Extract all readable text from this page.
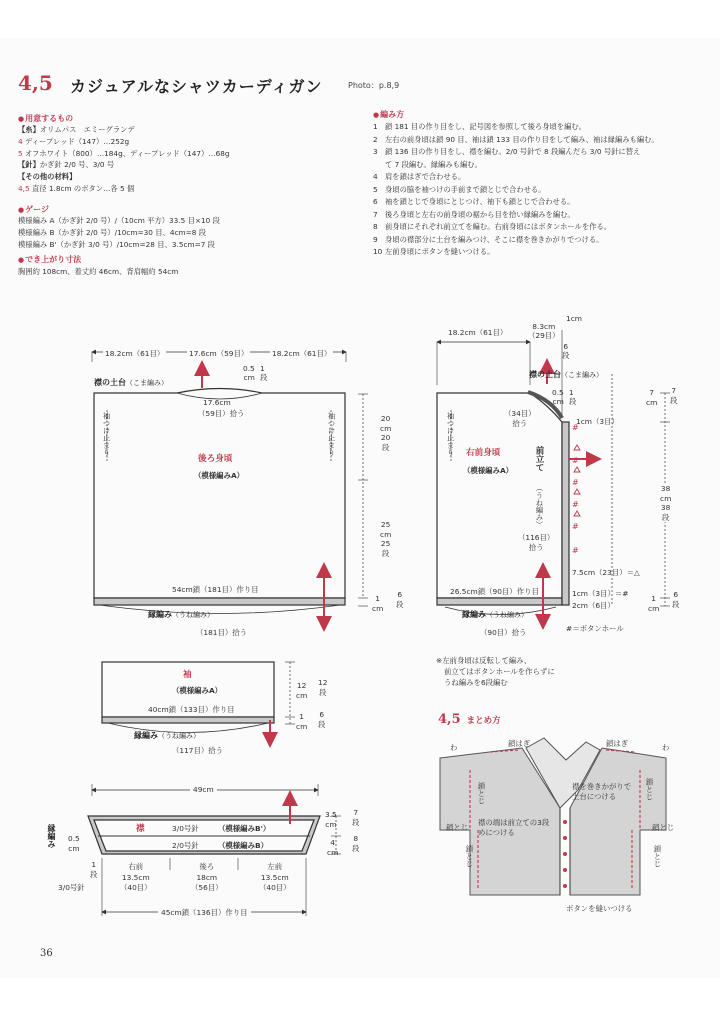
#
#
#
#
#
#
4,5 カジュアルなシャツカーディガン	Photo：p.8,9
● 用意するもの
【糸】オリムパス　エミーグランデ
4 ディープレッド（147）…252g
5 オフホワイト（800）…184g、ディープレッド（147）…68g
【針】かぎ針 2/0 号、3/0 号
【その他の材料】
4,5 直径 1.8cm のボタン…各 5 個
● ゲージ
模様編み A（かぎ針 2/0 号）/（10cm 平方）33.5 目×10 段
模様編み B（かぎ針 2/0 号）/10cm=30 目、4cm=8 段
模様編み B'（かぎ針 3/0 号）/10cm=28 目、3.5cm=7 段
● でき上がり寸法
胸囲約 108cm、着丈約 46cm、背肩幅約 54cm
● 編み方
1 鎖 181 目の作り目をし、記号図を参照して後ろ身頃を編む。
2 左右の前身頃は鎖 90 目、袖は鎖 133 目の作り目をして編み、袖は縁編みも編む。
3 鎖 136 目の作り目をし、襟を編む。2/0 号針で 8 段編んだら 3/0 号針に替え
て 7 段編む。縁編みも編む。
4 肩を鎖はぎで合わせる。
5 身頃の脇を袖つけの手前まで鎖とじで合わせる。
6 袖を鎖とじで身頃にとじつけ、袖下も鎖とじで合わせる。
7 後ろ身頃と左右の前身頃の裾から目を拾い縁編みを編む。
8 前身頃にそれぞれ前立てを編む。右前身頃にはボタンホールを作る。
9 身頃の襟部分に土台を編みつけ、そこに襟を巻きかがりでつける。
10 左前身頃にボタンを縫いつける。
18.2cm（61目）	17.6cm（59目）	18.2cm（61目）
襟の土台（こま編み）
0.5
cm
1
段
17.6cm
（59目）拾う
後ろ身頃
（模様編みA）
袖つけ止まり	袖つけ止まり	20
cm
20
段
25
cm
25
段
1
cm
6
段
54cm鎖（181目）作り目
縁編み（うね編み）
（181目）拾う
18.2cm（61目）
8.3cm
（29目）
1cm
6
段
襟の土台（こま編み）
0.5
cm
1
段
（34目）
拾う	1cm（3目）
右前身頃
（模様編みA）
袖つけ止まり
前立て
（うね編み）
（116目）
拾う
7
cm
7
段
38
cm
38
段
1
cm
6
段
7.5cm（23目）＝△
1cm（3目）＝#
2cm（6目）
26.5cm鎖（90目）作り目
縁編み（うね編み）
（90目）拾う	#＝ボタンホール
※左前身頃は反転して編み、
前立てはボタンホールを作らずに
うね編みを6段編む
袖
（模様編みA）
40cm鎖（133目）作り目
縁編み（うね編み）
（117目）拾う
12
cm
12
段
1
cm
6
段
49cm
襟	3/0号針	（模様編みB'）
2/0号針	（模様編みB）
3.5
cm
7
段
4
cm
8
段
縁編み 0.5
cm
1
段
3/0号針
右前
13.5cm
（40目）
後ろ
18cm
（56目）
左前
13.5cm
（40目）
45cm鎖（136目）作り目
4,5 まとめ方
わ	わ
鎖はぎ	鎖はぎ
鎖とじ	鎖とじ
鎖とじ	鎖とじ
鎖とじ	鎖とじ
襟を巻きかがりで土台につける
襟の端は前立ての3段めにつける
ボタンを縫いつける
36
